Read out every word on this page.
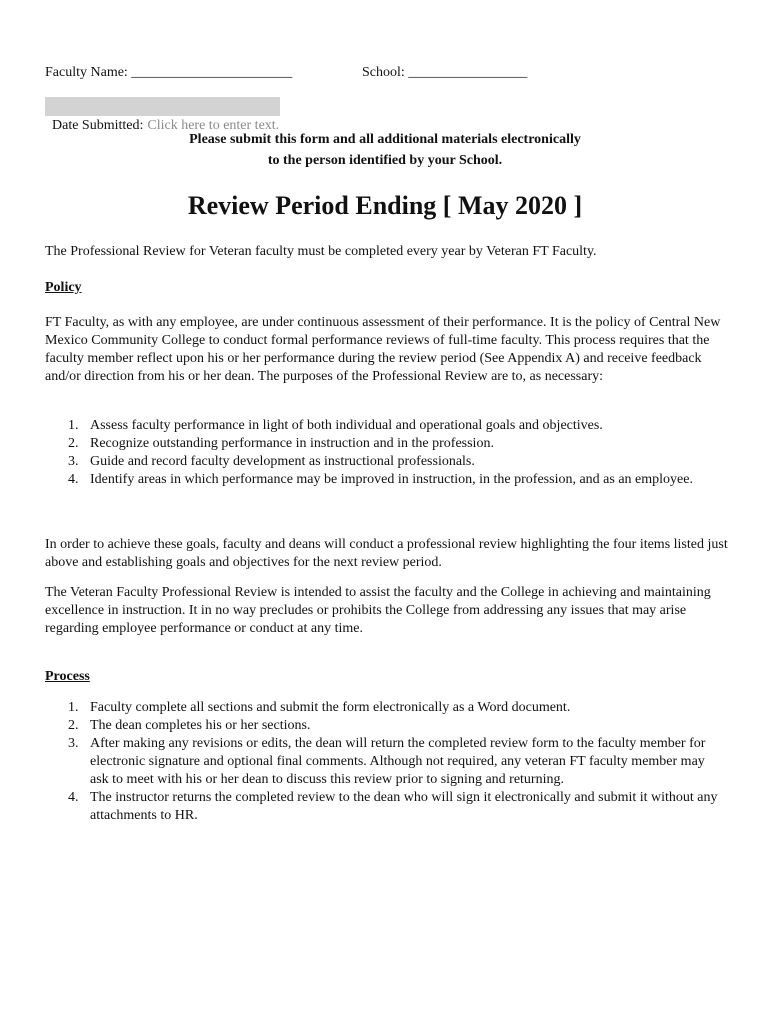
Faculty Name: _______________________	School: _________________

Date Submitted: Click here to enter text.

Please submit this form and all additional materials electronically
to the person identified by your School.
Review Period Ending [ May 2020 ]
The Professional Review for Veteran faculty must be completed every year by Veteran FT Faculty.
Policy
FT Faculty, as with any employee, are under continuous assessment of their performance. It is the policy of Central New Mexico Community College to conduct formal performance reviews of full-time faculty. This process requires that the faculty member reflect upon his or her performance during the review period (See Appendix A) and receive feedback and/or direction from his or her dean. The purposes of the Professional Review are to, as necessary:
1. Assess faculty performance in light of both individual and operational goals and objectives.
2. Recognize outstanding performance in instruction and in the profession.
3. Guide and record faculty development as instructional professionals.
4. Identify areas in which performance may be improved in instruction, in the profession, and as an employee.
In order to achieve these goals, faculty and deans will conduct a professional review highlighting the four items listed just above and establishing goals and objectives for the next review period.
The Veteran Faculty Professional Review is intended to assist the faculty and the College in achieving and maintaining excellence in instruction. It in no way precludes or prohibits the College from addressing any issues that may arise regarding employee performance or conduct at any time.
Process
1. Faculty complete all sections and submit the form electronically as a Word document.
2. The dean completes his or her sections.
3. After making any revisions or edits, the dean will return the completed review form to the faculty member for electronic signature and optional final comments. Although not required, any veteran FT faculty member may ask to meet with his or her dean to discuss this review prior to signing and returning.
4. The instructor returns the completed review to the dean who will sign it electronically and submit it without any attachments to HR.
